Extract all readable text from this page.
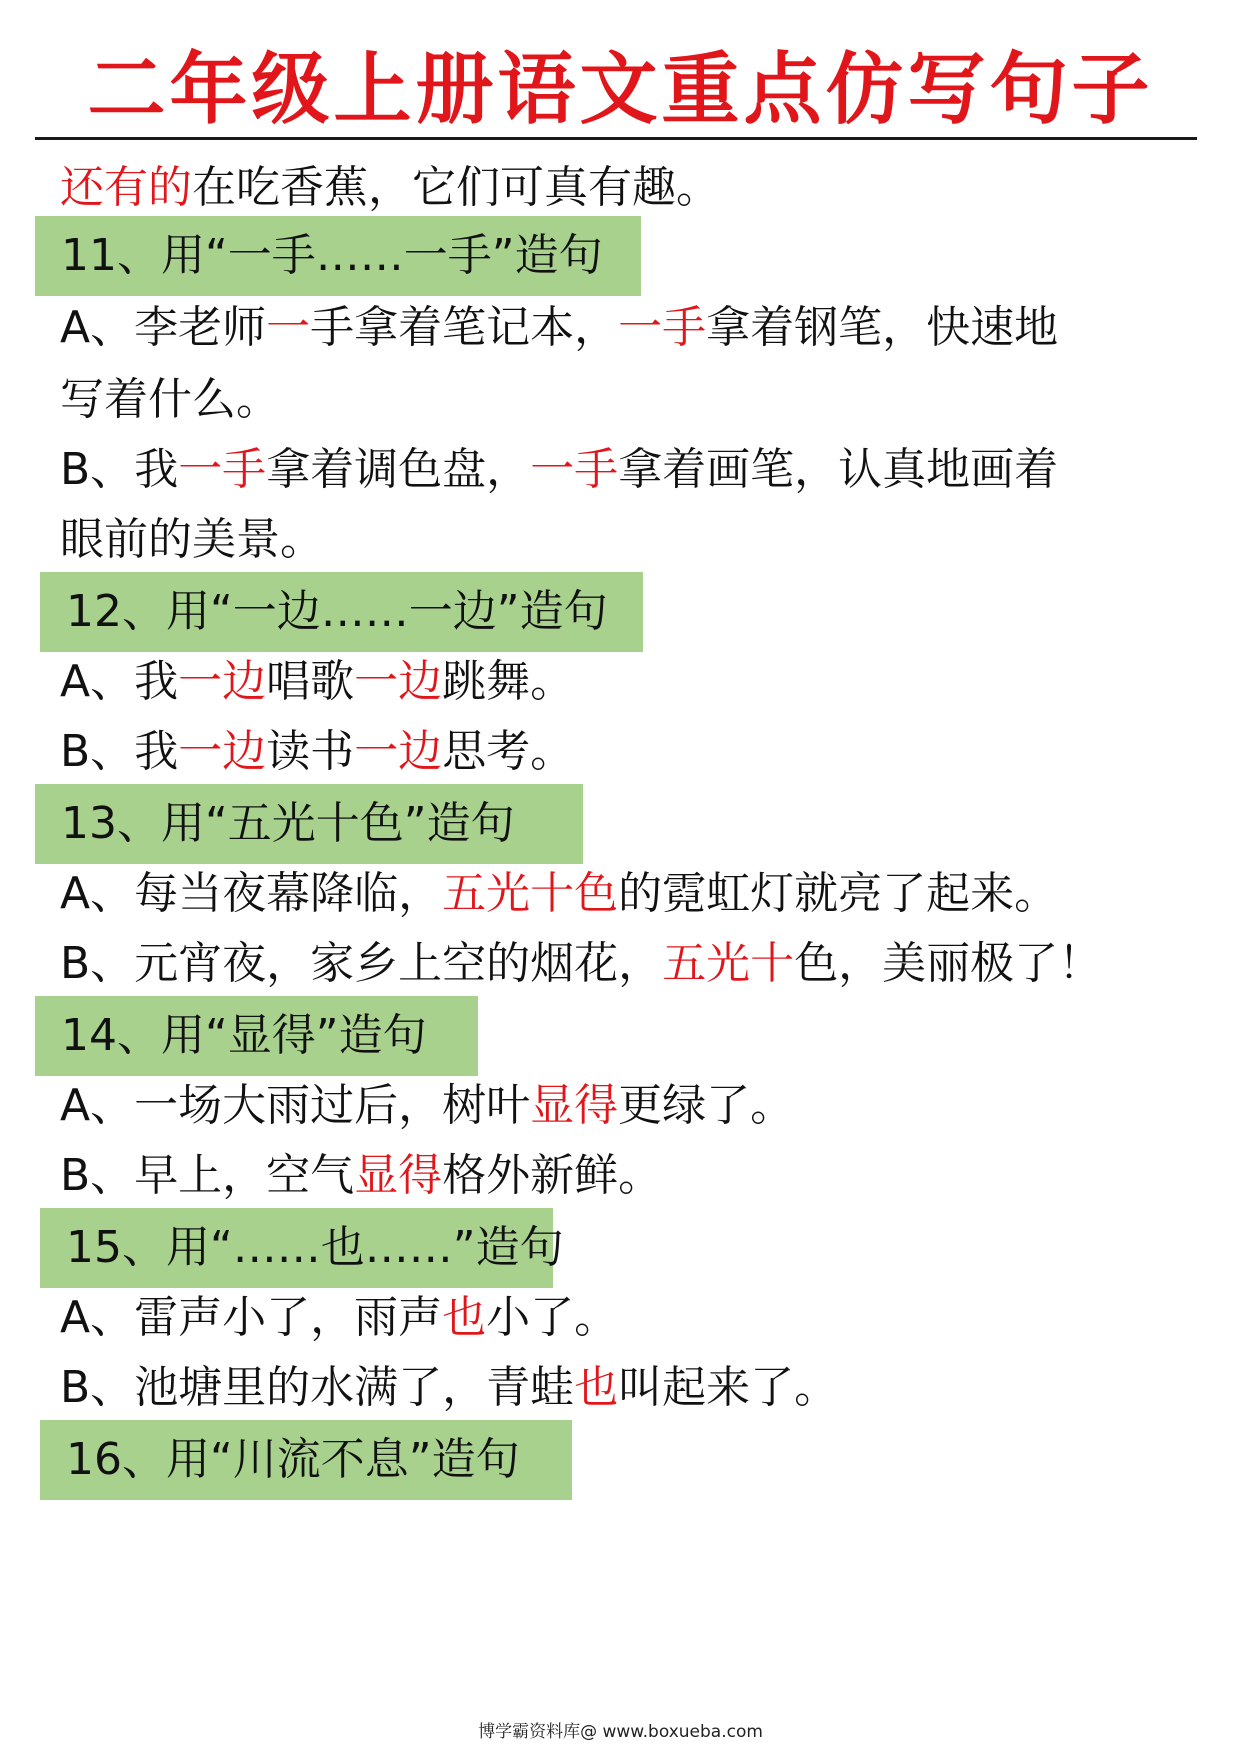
二年级上册语文重点仿写句子
还有的在吃香蕉，它们可真有趣。
11、用“一手……一手”造句
A、李老师一手拿着笔记本，一手拿着钢笔，快速地
写着什么。
B、我一手拿着调色盘，一手拿着画笔，认真地画着
眼前的美景。
12、用“一边……一边”造句
A、我一边唱歌一边跳舞。
B、我一边读书一边思考。
13、用“五光十色”造句
A、每当夜幕降临，五光十色的霓虹灯就亮了起来。
B、元宵夜，家乡上空的烟花，五光十色，美丽极了！
14、用“显得”造句
A、一场大雨过后，树叶显得更绿了。
B、早上，空气显得格外新鲜。
15、用“……也……”造句
A、雷声小了，雨声也小了。
B、池塘里的水满了，青蛙也叫起来了。
16、用“川流不息”造句
博学霸资料库@ www.boxueba.com
